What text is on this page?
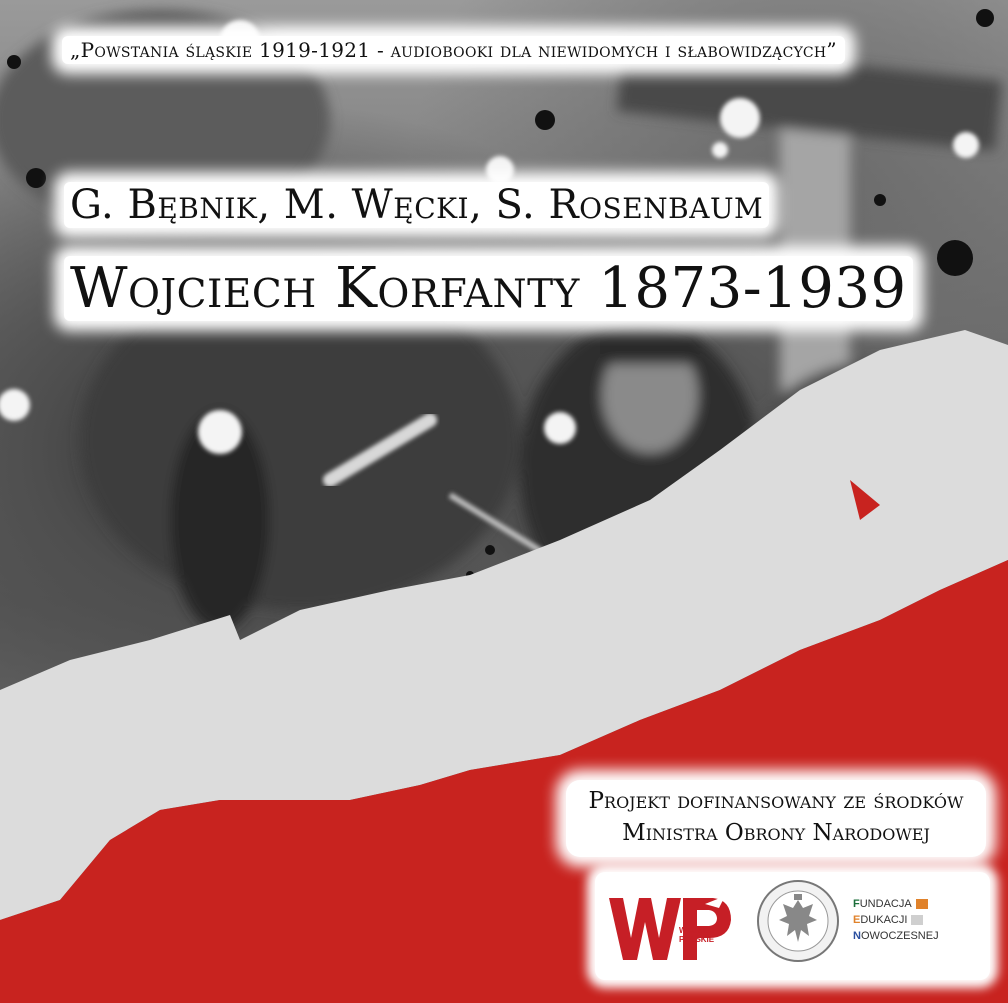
„Powstania śląskie 1919-1921 - audiobooki dla niewidomych i słabowidzących”
G. Bębnik, M. Węcki, S. Rosenbaum
Wojciech Korfanty 1873-1939
Projekt dofinansowany ze środków
Ministra Obrony Narodowej
WOJSKO
POLSKIE
FUNDACJA
EDUKACJI
NOWOCZESNEJ
